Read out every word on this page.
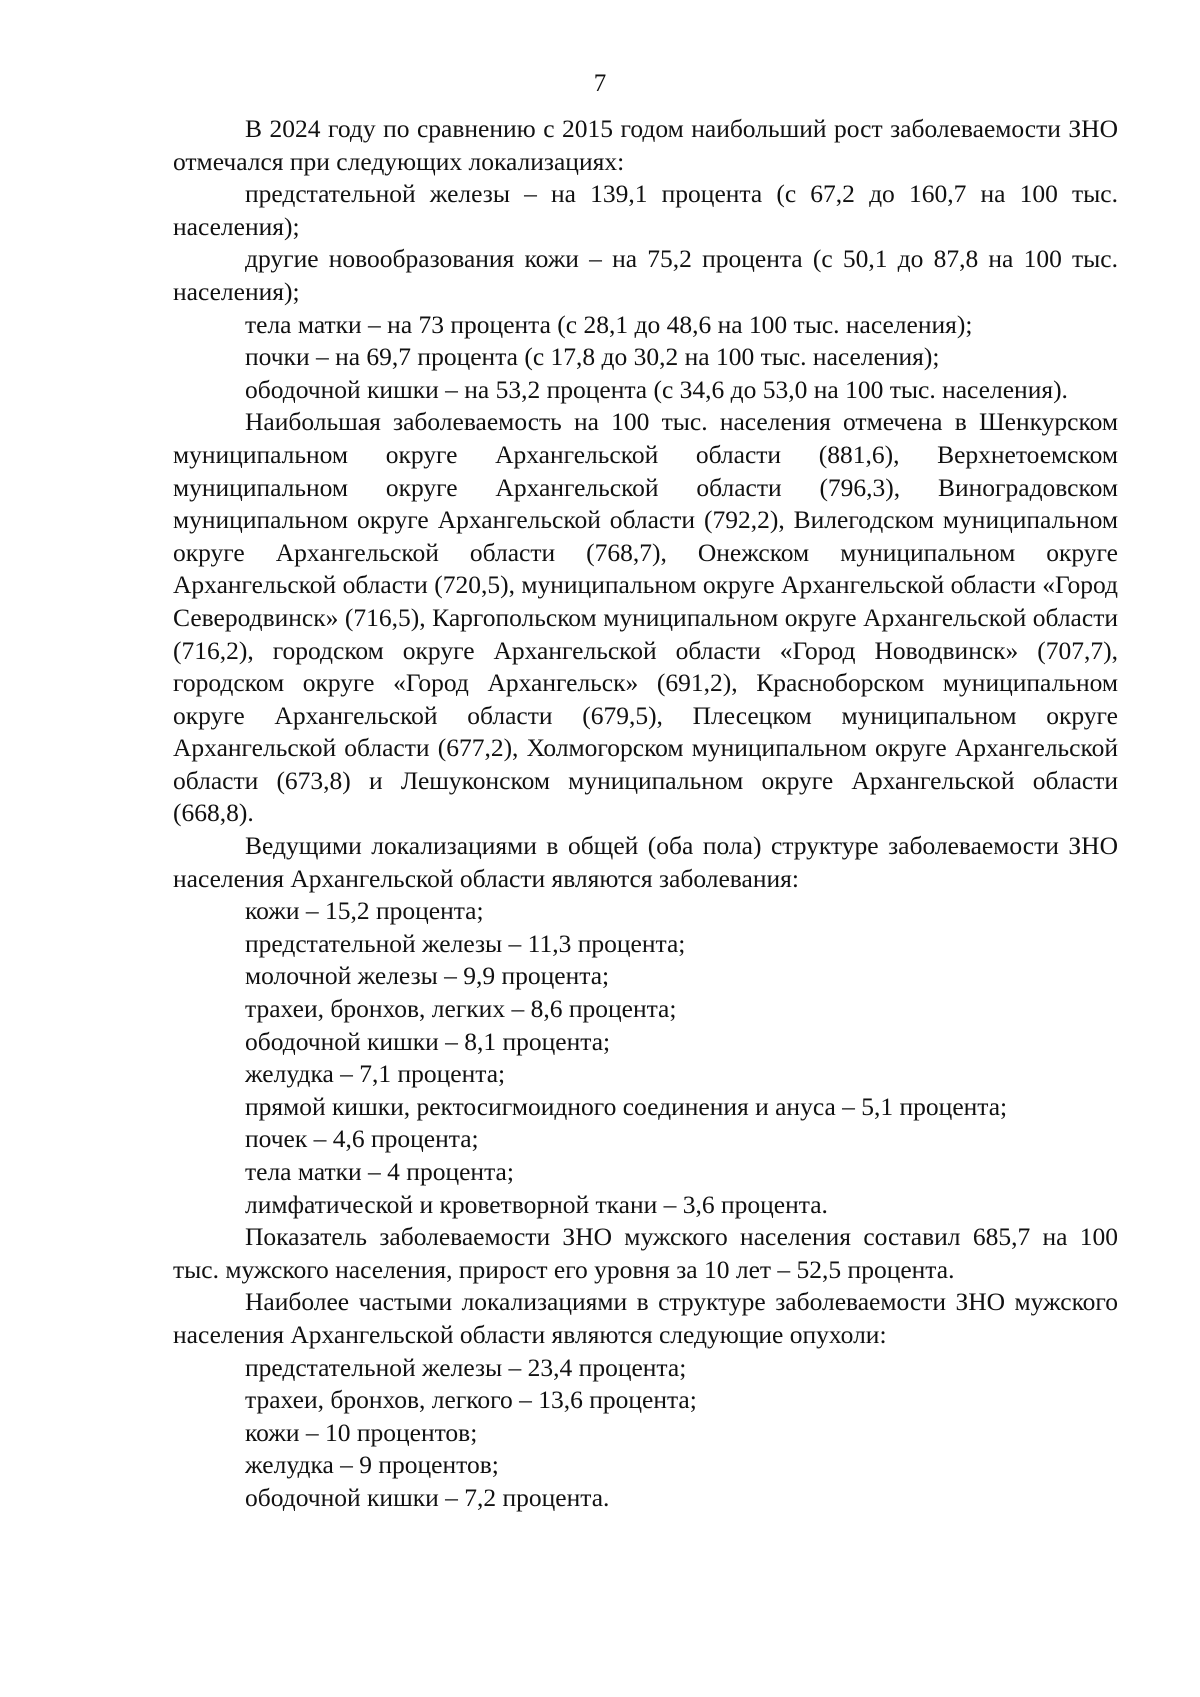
7

В 2024 году по сравнению с 2015 годом наибольший рост заболеваемости ЗНО отмечался при следующих локализациях:

предстательной железы – на 139,1 процента (с 67,2 до 160,7 на 100 тыс. населения);

другие новообразования кожи – на 75,2 процента (с 50,1 до 87,8 на 100 тыс. населения);

тела матки – на 73 процента (с 28,1 до 48,6 на 100 тыс. населения);

почки – на 69,7 процента (с 17,8 до 30,2 на 100 тыс. населения);

ободочной кишки – на 53,2 процента (с 34,6 до 53,0 на 100 тыс. населения).

Наибольшая заболеваемость на 100 тыс. населения отмечена в Шенкурском муниципальном округе Архангельской области (881,6), Верхнетоемском муниципальном округе Архангельской области (796,3), Виноградовском муниципальном округе Архангельской области (792,2), Вилегодском муниципальном округе Архангельской области (768,7), Онежском муниципальном округе Архангельской области (720,5), муниципальном округе Архангельской области «Город Северодвинск» (716,5), Каргопольском муниципальном округе Архангельской области (716,2), городском округе Архангельской области «Город Новодвинск» (707,7), городском округе «Город Архангельск» (691,2), Красноборском муниципальном округе Архангельской области (679,5), Плесецком муниципальном округе Архангельской области (677,2), Холмогорском муниципальном округе Архангельской области (673,8) и Лешуконском муниципальном округе Архангельской области (668,8).

Ведущими локализациями в общей (оба пола) структуре заболеваемости ЗНО населения Архангельской области являются заболевания:

кожи – 15,2 процента;

предстательной железы – 11,3 процента;

молочной железы – 9,9 процента;

трахеи, бронхов, легких – 8,6 процента;

ободочной кишки – 8,1 процента;

желудка – 7,1 процента;

прямой кишки, ректосигмоидного соединения и ануса – 5,1 процента;

почек – 4,6 процента;

тела матки – 4 процента;

лимфатической и кроветворной ткани – 3,6 процента.

Показатель заболеваемости ЗНО мужского населения составил 685,7 на 100 тыс. мужского населения, прирост его уровня за 10 лет – 52,5 процента.

Наиболее частыми локализациями в структуре заболеваемости ЗНО мужского населения Архангельской области являются следующие опухоли:

предстательной железы – 23,4 процента;

трахеи, бронхов, легкого – 13,6 процента;

кожи – 10 процентов;

желудка – 9 процентов;

ободочной кишки – 7,2 процента.
